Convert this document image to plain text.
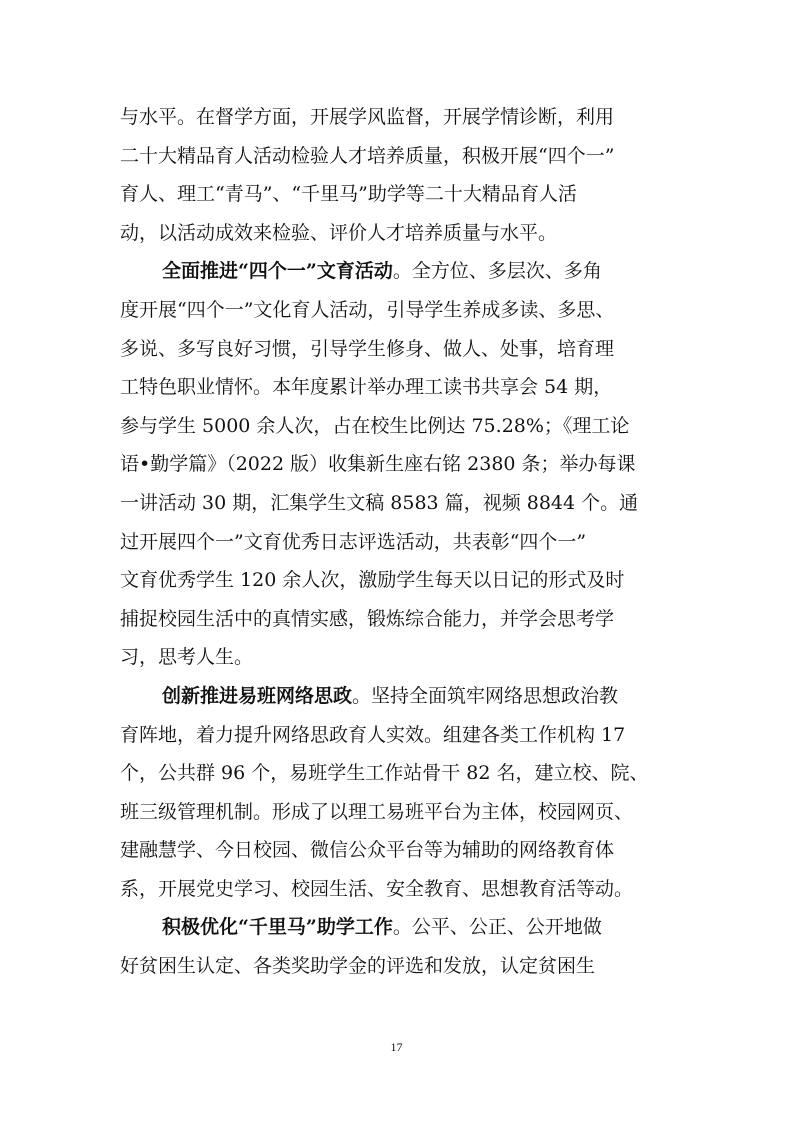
与水平。在督学方面，开展学风监督，开展学情诊断，利用
二十大精品育人活动检验人才培养质量，积极开展“四个一”
育人、理工“青马”、“千里马”助学等二十大精品育人活
动，以活动成效来检验、评价人才培养质量与水平。
全面推进“四个一”文育活动。全方位、多层次、多角
度开展“四个一”文化育人活动，引导学生养成多读、多思、
多说、多写良好习惯，引导学生修身、做人、处事，培育理
工特色职业情怀。本年度累计举办理工读书共享会 54 期，
参与学生 5000 余人次，占在校生比例达 75.28%；《理工论
语•勤学篇》（2022 版）收集新生座右铭 2380 条；举办每课
一讲活动 30 期，汇集学生文稿 8583 篇，视频 8844 个。通
过开展四个一”文育优秀日志评选活动，共表彰“四个一”
文育优秀学生 120 余人次，激励学生每天以日记的形式及时
捕捉校园生活中的真情实感，锻炼综合能力，并学会思考学
习，思考人生。
创新推进易班网络思政。坚持全面筑牢网络思想政治教
育阵地，着力提升网络思政育人实效。组建各类工作机构 17
个，公共群 96 个，易班学生工作站骨干 82 名，建立校、院、
班三级管理机制。形成了以理工易班平台为主体，校园网页、
建融慧学、今日校园、微信公众平台等为辅助的网络教育体
系，开展党史学习、校园生活、安全教育、思想教育活等动。
积极优化“千里马”助学工作。公平、公正、公开地做
好贫困生认定、各类奖助学金的评选和发放，认定贫困生
17
